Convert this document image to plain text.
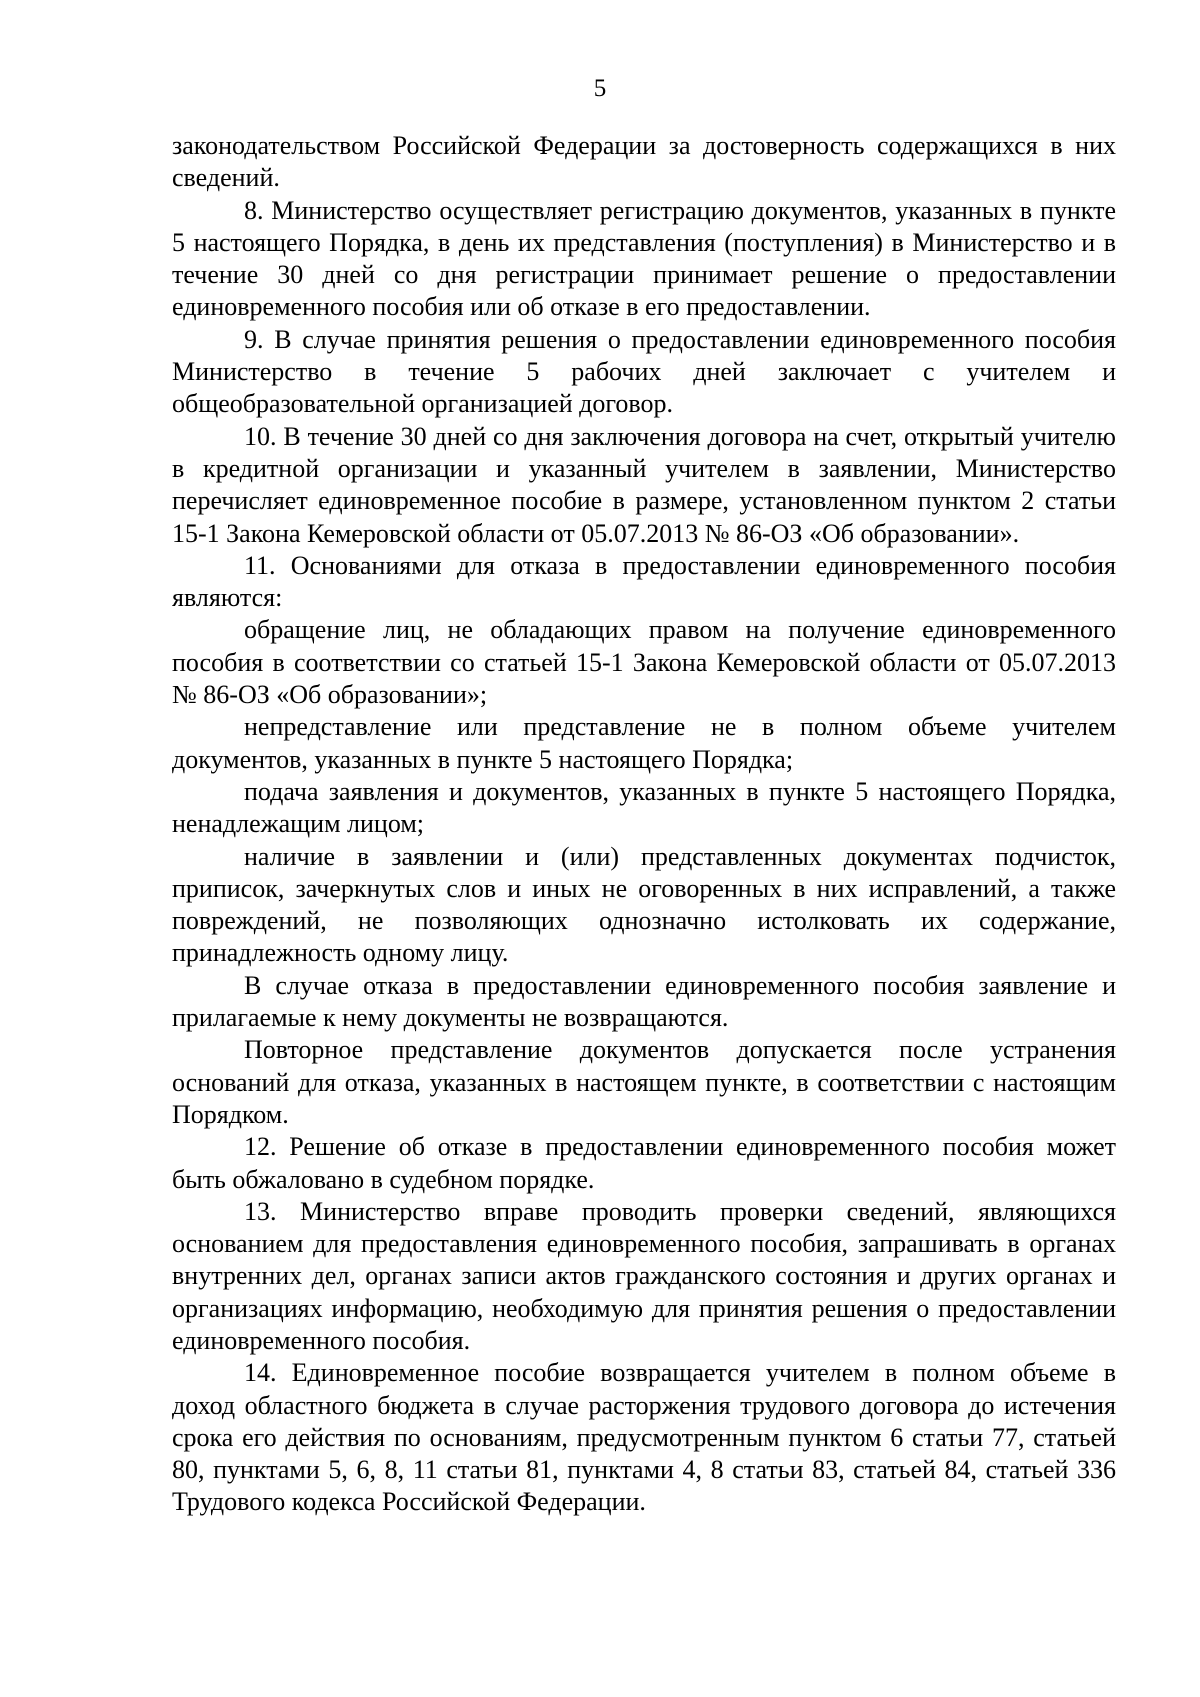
5

законодательством Российской Федерации за достоверность содержащихся в них сведений.

8. Министерство осуществляет регистрацию документов, указанных в пункте 5 настоящего Порядка, в день их представления (поступления) в Министерство и в течение 30 дней со дня регистрации принимает решение о предоставлении единовременного пособия или об отказе в его предоставлении.

9. В случае принятия решения о предоставлении единовременного пособия Министерство в течение 5 рабочих дней заключает с учителем и общеобразовательной организацией договор.

10. В течение 30 дней со дня заключения договора на счет, открытый учителю в кредитной организации и указанный учителем в заявлении, Министерство перечисляет единовременное пособие в размере, установленном пунктом 2 статьи 15-1 Закона Кемеровской области от 05.07.2013 № 86-ОЗ «Об образовании».

11. Основаниями для отказа в предоставлении единовременного пособия являются:

обращение лиц, не обладающих правом на получение единовременного пособия в соответствии со статьей 15-1 Закона Кемеровской области от 05.07.2013 № 86-ОЗ «Об образовании»;

непредставление или представление не в полном объеме учителем документов, указанных в пункте 5 настоящего Порядка;

подача заявления и документов, указанных в пункте 5 настоящего Порядка, ненадлежащим лицом;

наличие в заявлении и (или) представленных документах подчисток, приписок, зачеркнутых слов и иных не оговоренных в них исправлений, а также повреждений, не позволяющих однозначно истолковать их содержание, принадлежность одному лицу.

В случае отказа в предоставлении единовременного пособия заявление и прилагаемые к нему документы не возвращаются.

Повторное представление документов допускается после устранения оснований для отказа, указанных в настоящем пункте, в соответствии с настоящим Порядком.

12. Решение об отказе в предоставлении единовременного пособия может быть обжаловано в судебном порядке.

13. Министерство вправе проводить проверки сведений, являющихся основанием для предоставления единовременного пособия, запрашивать в органах внутренних дел, органах записи актов гражданского состояния и других органах и организациях информацию, необходимую для принятия решения о предоставлении единовременного пособия.

14. Единовременное пособие возвращается учителем в полном объеме в доход областного бюджета в случае расторжения трудового договора до истечения срока его действия по основаниям, предусмотренным пунктом 6 статьи 77, статьей 80, пунктами 5, 6, 8, 11 статьи 81, пунктами 4, 8 статьи 83, статьей 84, статьей 336 Трудового кодекса Российской Федерации.
